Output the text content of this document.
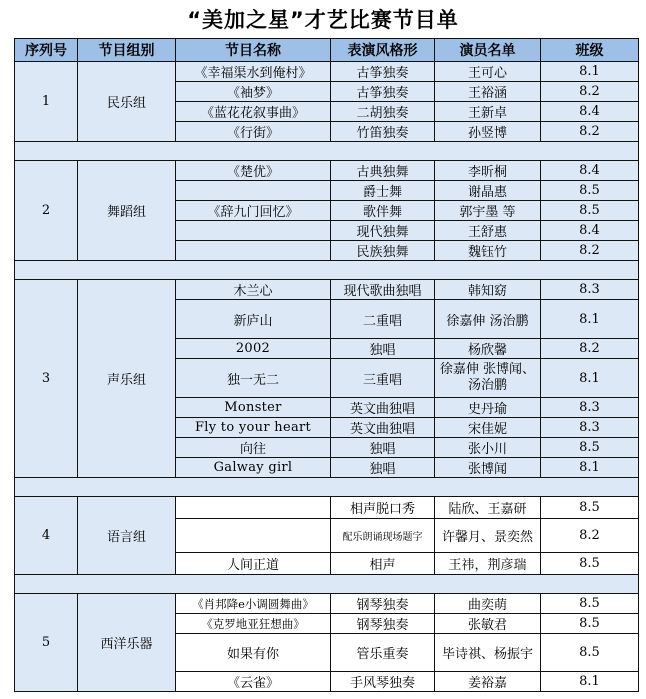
“美加之星”才艺比赛节目单
序列号	节目组别	节目名称	表演风格形	演员名单	班级
1	民乐组	《幸福渠水到俺村》	古筝独奏	王可心	8.1
		《袖梦》	古筝独奏	王裕涵	8.2
		《蓝花花叙事曲》	二胡独奏	王新卓	8.4
		《行街》	竹笛独奏	孙竖博	8.2

2	舞蹈组	《楚优》	古典独舞	李昕桐	8.4
			爵士舞	谢晶惠	8.5
		《辞九门回忆》	歌伴舞	郭宇墨 等	8.5
			现代独舞	王舒惠	8.4
			民族独舞	魏钰竹	8.2

3	声乐组	木兰心	现代歌曲独唱	韩知窈	8.3
		新庐山	二重唱	徐嘉伸 汤治鹏	8.1
		2002	独唱	杨欣馨	8.2
		独一无二	三重唱	徐嘉伸 张博闻、汤治鹏	8.1
		Monster	英文曲独唱	史丹瑜	8.3
		Fly to your heart	英文曲独唱	宋佳妮	8.3
		向往	独唱	张小川	8.5
		Galway girl	独唱	张博闻	8.1

4	语言组		相声脱口秀	陆欣、王嘉研	8.5
			配乐朗诵现场题字	许馨月、景奕然	8.2
		人间正道	相声	王祎，荆彦瑞	8.5

5	西洋乐器	《肖邦降e小调圆舞曲》	钢琴独奏	曲奕萌	8.5
		《克罗地亚狂想曲》	钢琴独奏	张敏君	8.5
		如果有你	管乐重奏	毕诗祺、杨振宇	8.5
		《云雀》	手风琴独奏	姜裕嘉	8.1
